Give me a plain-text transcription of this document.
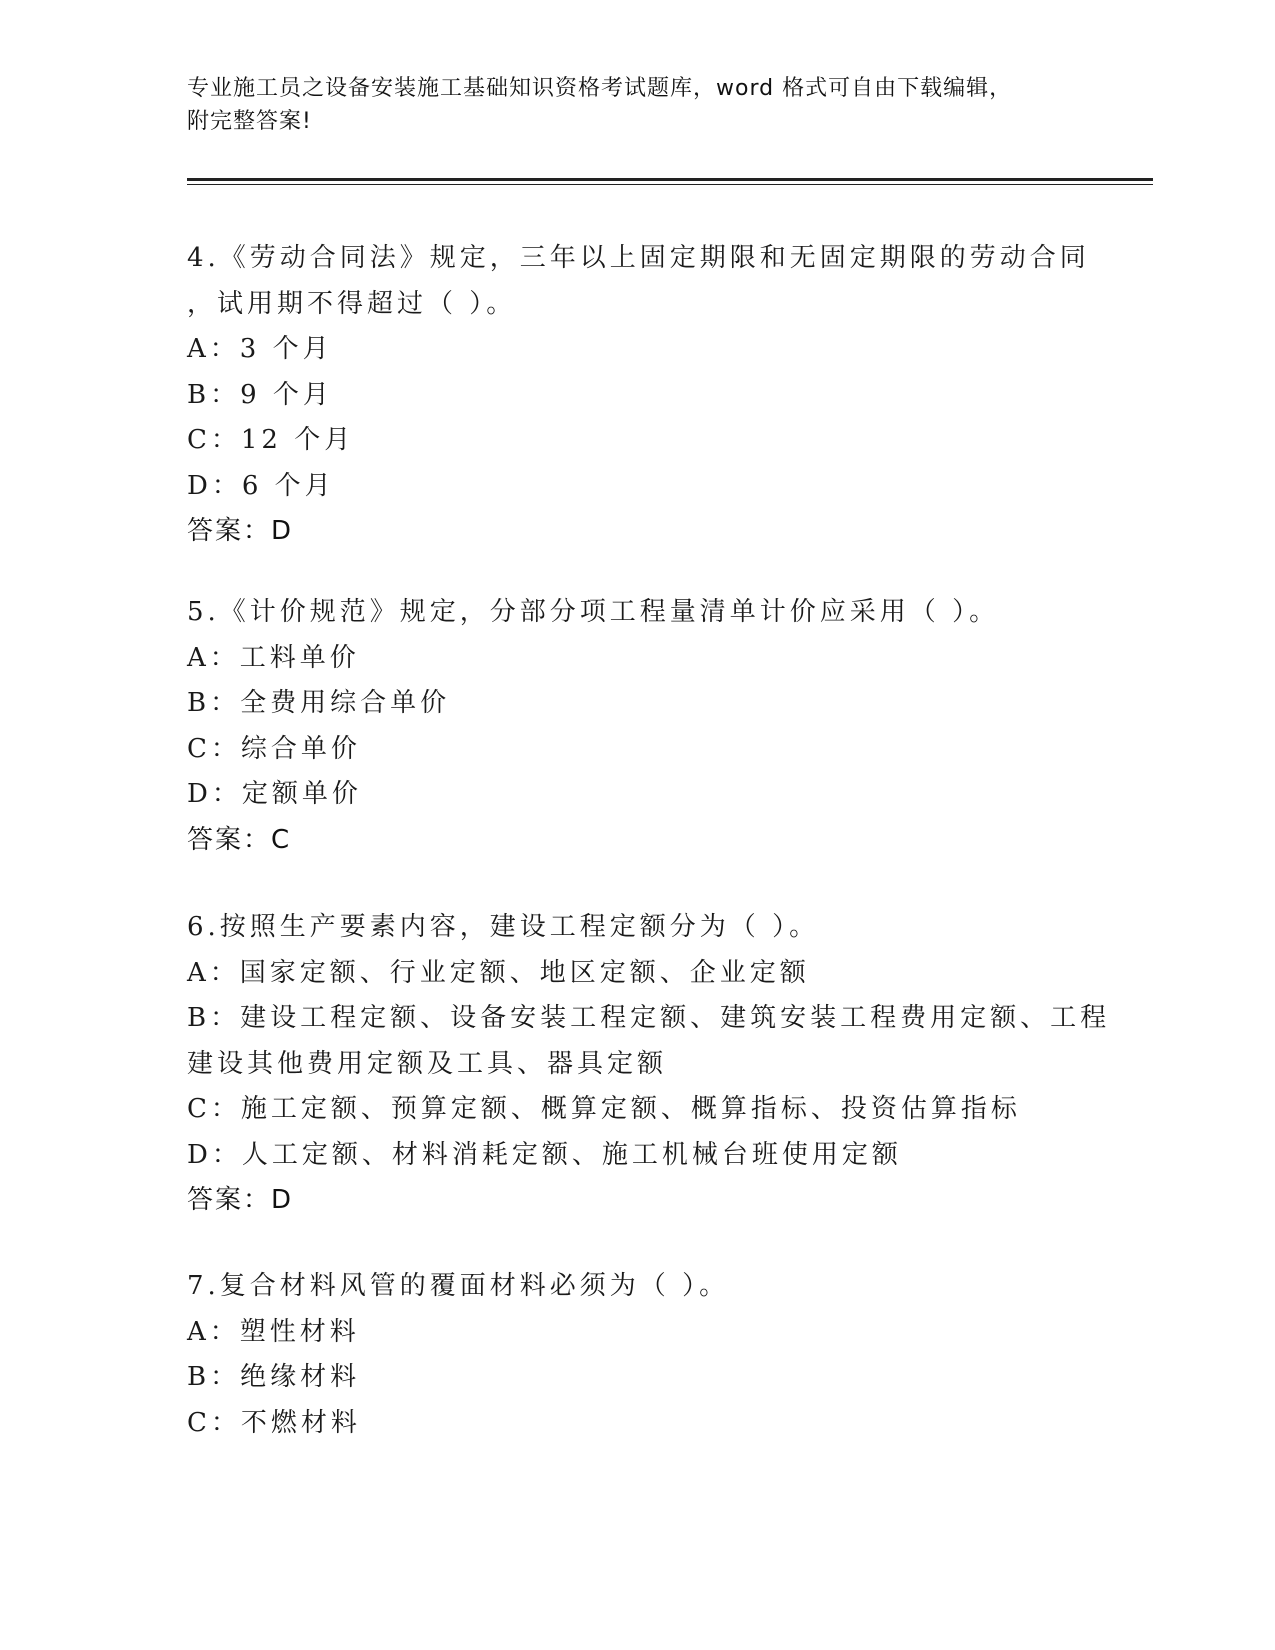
专业施工员之设备安装施工基础知识资格考试题库，word 格式可自由下载编辑，
附完整答案!
4.《劳动合同法》规定，三年以上固定期限和无固定期限的劳动合同
，试用期不得超过（ ）。
A：3 个月
B：9 个月
C：12 个月
D：6 个月
答案：D
5.《计价规范》规定，分部分项工程量清单计价应采用（ ）。
A：工料单价
B：全费用综合单价
C：综合单价
D：定额单价
答案：C
6.按照生产要素内容，建设工程定额分为（ ）。
A：国家定额、行业定额、地区定额、企业定额
B：建设工程定额、设备安装工程定额、建筑安装工程费用定额、工程
建设其他费用定额及工具、器具定额
C：施工定额、预算定额、概算定额、概算指标、投资估算指标
D：人工定额、材料消耗定额、施工机械台班使用定额
答案：D
7.复合材料风管的覆面材料必须为（ ）。
A：塑性材料
B：绝缘材料
C：不燃材料
